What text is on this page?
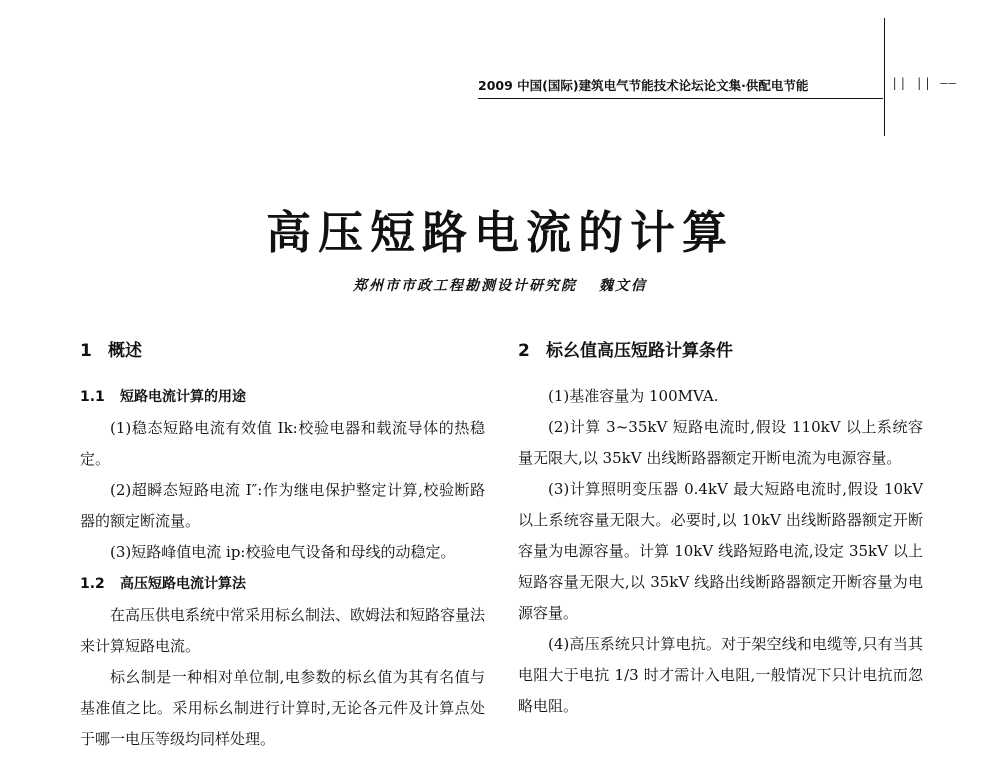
2009 中国(国际)建筑电气节能技术论坛论文集·供配电节能	|| || ––
高压短路电流的计算
郑州市市政工程勘测设计研究院 魏文信
1 概述
1.1 短路电流计算的用途

(1)稳态短路电流有效值 Ik:校验电器和载流导体的热稳定。

(2)超瞬态短路电流 I″:作为继电保护整定计算,校验断路器的额定断流量。

(3)短路峰值电流 ip:校验电气设备和母线的动稳定。

1.2 高压短路电流计算法

在高压供电系统中常采用标幺制法、欧姆法和短路容量法来计算短路电流。

标幺制是一种相对单位制,电参数的标幺值为其有名值与基准值之比。采用标幺制进行计算时,无论各元件及计算点处于哪一电压等级均同样处理。

2 标幺值高压短路计算条件

(1)基准容量为 100MVA.

(2)计算 3~35kV 短路电流时,假设 110kV 以上系统容量无限大,以 35kV 出线断路器额定开断电流为电源容量。

(3)计算照明变压器 0.4kV 最大短路电流时,假设 10kV 以上系统容量无限大。必要时,以 10kV 出线断路器额定开断容量为电源容量。计算 10kV 线路短路电流,设定 35kV 以上短路容量无限大,以 35kV 线路出线断路器额定开断容量为电源容量。

(4)高压系统只计算电抗。对于架空线和电缆等,只有当其电阻大于电抗 1/3 时才需计入电阻,一般情况下只计电抗而忽略电阻。
